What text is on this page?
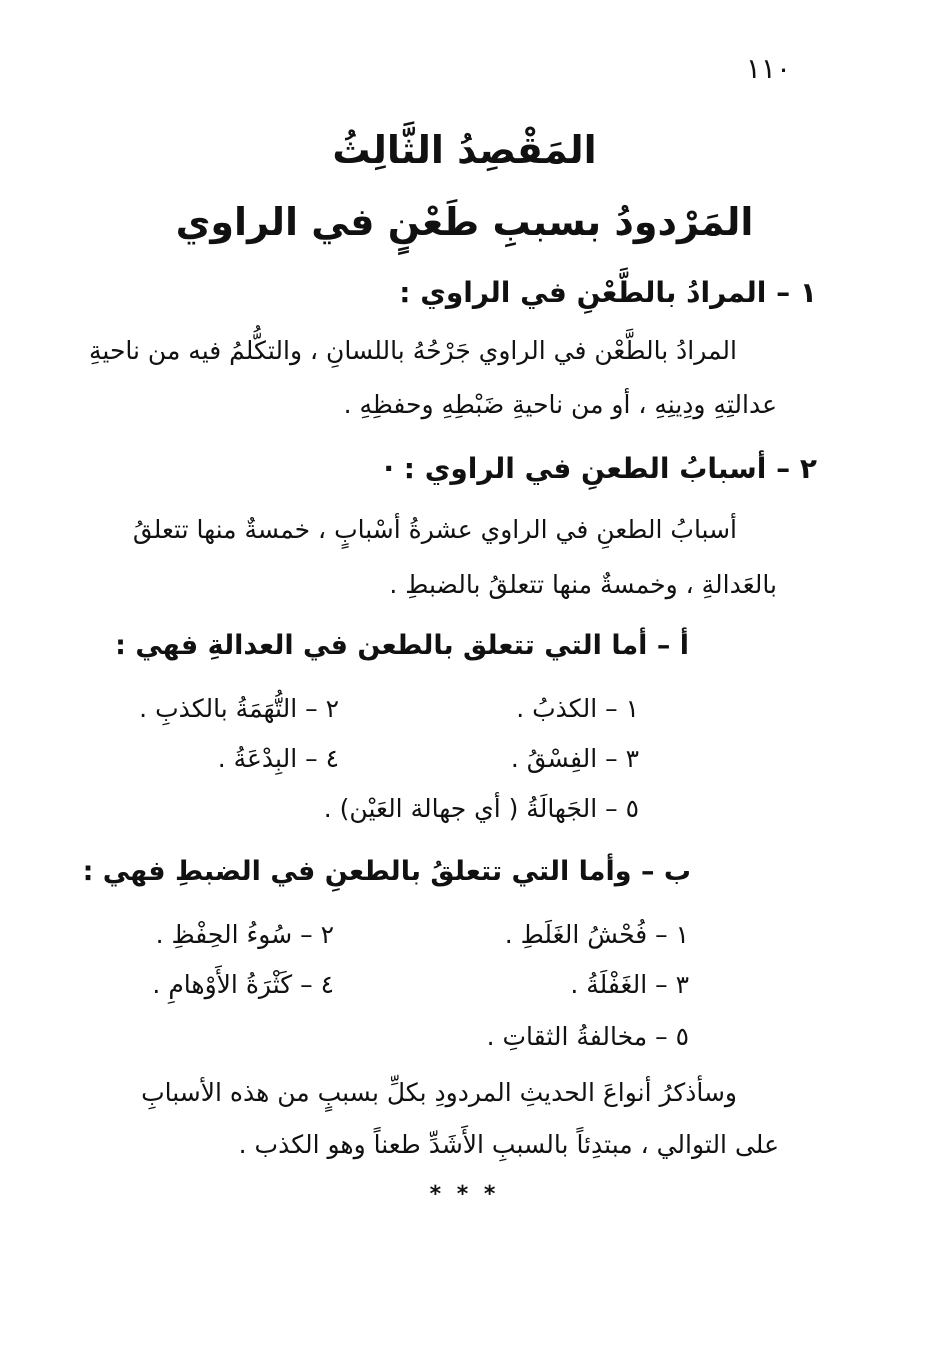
١١٠
المَقْصِدُ الثَّالِثُ
المَرْدودُ بسببِ طَعْنٍ في الراوي
١ – المرادُ بالطَّعْنِ في الراوي :
المرادُ بالطَّعْن في الراوي جَرْحُهُ باللسانِ ، والتكُّلمُ فيه من ناحيةِ
عدالتِهِ ودِينِهِ ، أو من ناحيةِ ضَبْطِهِ وحفظِهِ .
٢ – أسبابُ الطعنِ في الراوي : ·
أسبابُ الطعنِ في الراوي عشرةُ أسْبابٍ ، خمسةٌ منها تتعلقُ
بالعَدالةِ ، وخمسةٌ منها تتعلقُ بالضبطِ .
أ – أما التي تتعلق بالطعن في العدالةِ فهي :
١ – الكذبُ .
٢ – التُّهَمَةُ بالكذبِ .
٣ – الفِسْقُ .
٤ – البِدْعَةُ .
٥ – الجَهالَةُ ( أي جهالة العَيْن) .
ب – وأما التي تتعلقُ بالطعنِ في الضبطِ فهي :
١ – فُحْشُ الغَلَطِ .
٢ – سُوءُ الحِفْظِ .
٣ – الغَفْلَةُ .
٤ – كَثْرَةُ الأَوْهامِ .
٥ – مخالفةُ الثقاتِ .
وسأذكرُ أنواعَ الحديثِ المردودِ بكلِّ بسببٍ من هذه الأسبابِ
على التوالي ، مبتدِئاً بالسببِ الأَشَدِّ طعناً وهو الكذب .
* * *
